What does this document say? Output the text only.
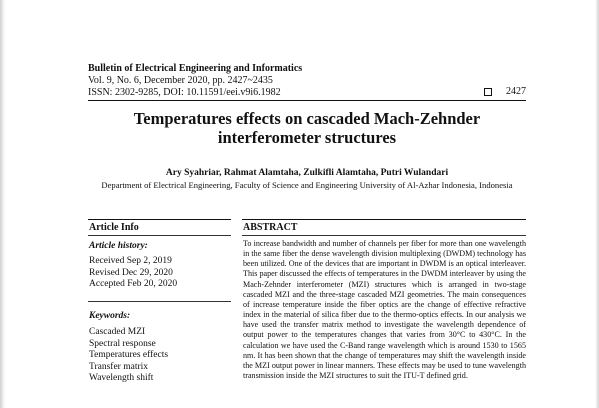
Bulletin of Electrical Engineering and Informatics
Vol. 9, No. 6, December 2020, pp. 2427~2435
ISSN: 2302-9285, DOI: 10.11591/eei.v9i6.1982	2427
Temperatures effects on cascaded Mach-Zehnder interferometer structures
Ary Syahriar, Rahmat Alamtaha, Zulkifli Alamtaha, Putri Wulandari
Department of Electrical Engineering, Faculty of Science and Engineering University of Al-Azhar Indonesia, Indonesia
Article Info
Article history:
Received Sep 2, 2019
Revised Dec 29, 2020
Accepted Feb 20, 2020
Keywords:
Cascaded MZI
Spectral response
Temperatures effects
Transfer matrix
Wavelength shift
ABSTRACT
To increase bandwidth and number of channels per fiber for more than one wavelength in the same fiber the dense wavelength division multiplexing (DWDM) technology has been utilized. One of the devices that are important in DWDM is an optical interleaver. This paper discussed the effects of temperatures in the DWDM interleaver by using the Mach-Zehnder interferometer (MZI) structures which is arranged in two-stage cascaded MZI and the three-stage cascaded MZI geometries. The main consequences of increase temperature inside the fiber optics are the change of effective refractive index in the material of silica fiber due to the thermo-optics effects. In our analysis we have used the transfer matrix method to investigate the wavelength dependence of output power to the temperatures changes that varies from 30°C to 430°C. In the calculation we have used the C-Band range wavelength which is around 1530 to 1565 nm. It has been shown that the change of temperatures may shift the wavelength inside the MZI output power in linear manners. These effects may be used to tune wavelength transmission inside the MZI structures to suit the ITU-T defined grid.
